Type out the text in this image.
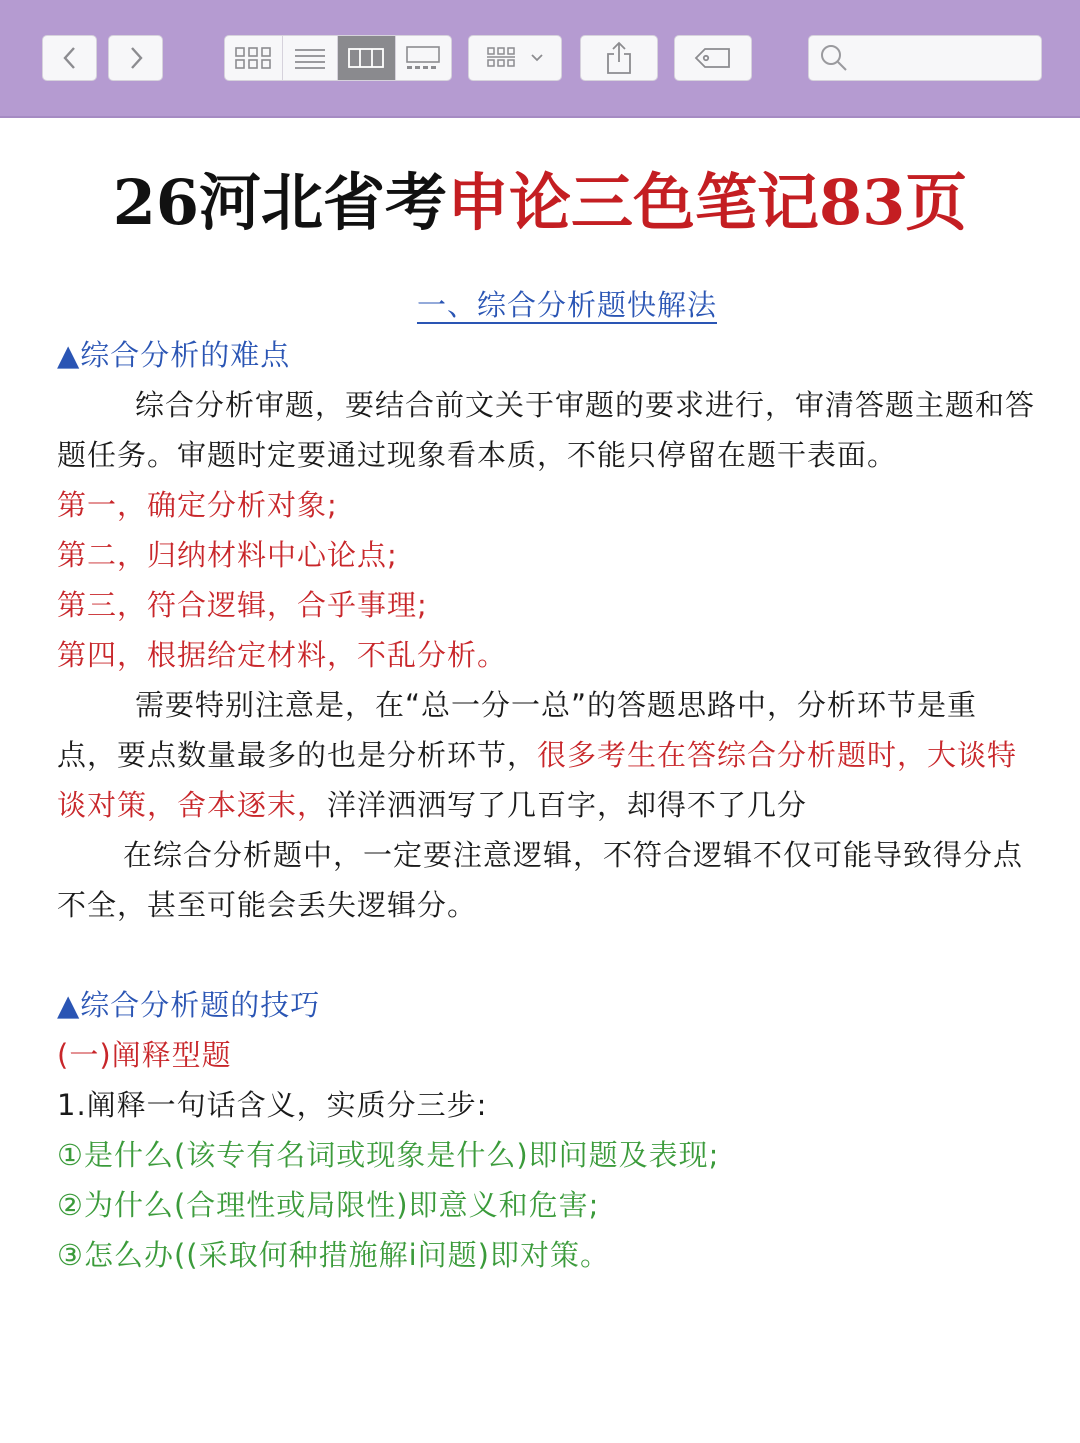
26河北省考申论三色笔记83页

一、综合分析题快解法

▲综合分析的难点

综合分析审题，要结合前文关于审题的要求进行，审清答题主题和答题任务。审题时定要通过现象看本质，不能只停留在题干表面。

第一，确定分析对象;

第二，归纳材料中心论点;

第三，符合逻辑，合乎事理;

第四，根据给定材料，不乱分析。

需要特别注意是，在“总一分一总”的答题思路中，分析环节是重点，要点数量最多的也是分析环节，很多考生在答综合分析题时，大谈特谈对策，舍本逐末，洋洋洒洒写了几百字，却得不了几分

在综合分析题中，一定要注意逻辑，不符合逻辑不仅可能导致得分点不全，甚至可能会丢失逻辑分。

▲综合分析题的技巧

(一)阐释型题

1.阐释一句话含义，实质分三步:

①是什么(该专有名词或现象是什么)即问题及表现;

②为什么(合理性或局限性)即意义和危害;

③怎么办((采取何种措施解i问题)即对策。
